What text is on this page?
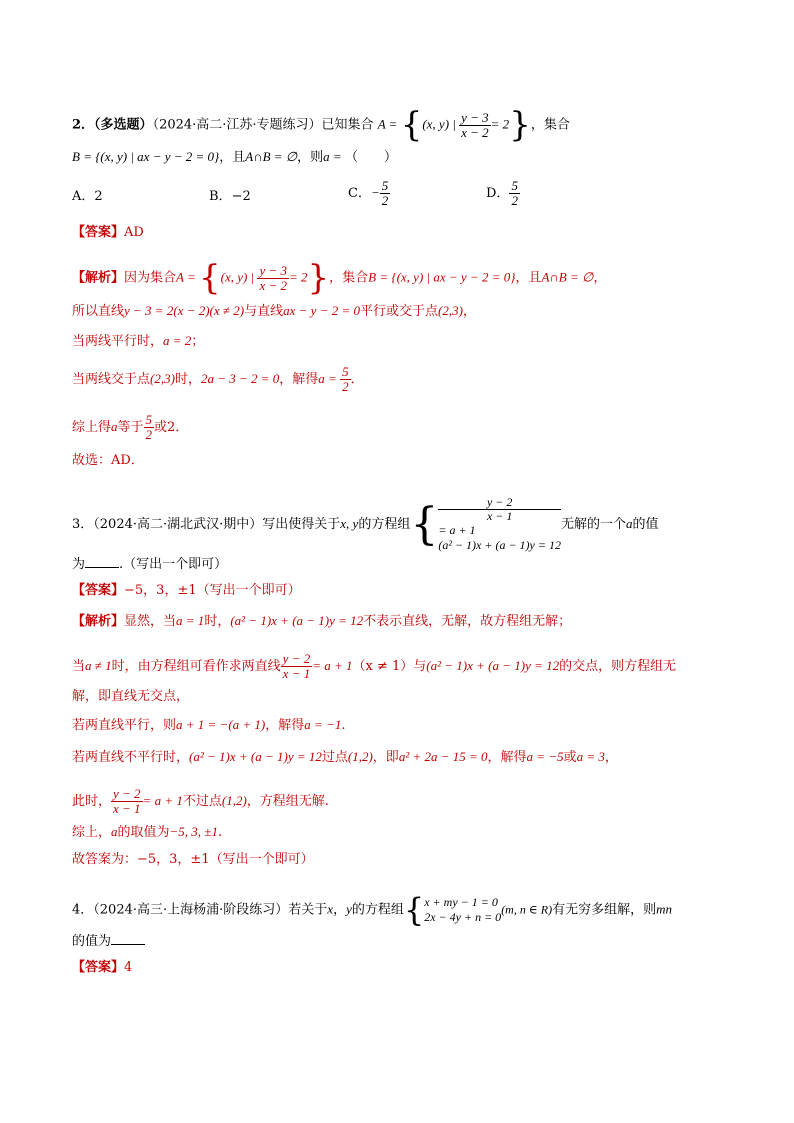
2．（多选题）（2024·高二·江苏·专题练习）已知集合 A = {(x, y) | $\frac{y - 3}{x - 2} = 2$}，集合
B = {(x, y) | ax − y − 2 = 0}，且A∩B = ∅，则a = （　　）
A．2	B．−2	C．− $\frac{5}{2}$	D． $\frac{5}{2}$
【答案】AD
【解析】因为集合A = {(x, y) | $\frac{y - 3}{x - 2} = 2$}，集合B = {(x, y) | ax − y − 2 = 0}，且A∩B = ∅，
所以直线y − 3 = 2(x − 2)(x ≠ 2)与直线ax − y − 2 = 0平行或交于点(2,3)，
当两线平行时，a = 2；
当两线交于点(2,3)时，2a − 3 − 2 = 0，解得$a = \frac{5}{2}$ ．
综上得a等于 $\frac{5}{2}$ 或2．
故选：AD．
3．（2024·高二·湖北武汉·期中）写出使得关于x, y的方程组{	y − 2
x − 1
= a + 1
(a² − 1)x + (a − 1)y = 12
无解的一个a的值
为	.（写出一个即可）
【答案】−5，3，±1（写出一个即可）
【解析】显然，当a = 1时，(a² − 1)x + (a − 1)y = 12不表示直线，无解，故方程组无解；
当a ≠ 1时，由方程组可看作求两直线 $\frac{y - 2}{x - 1} = a + 1(x \ne 1)$与(a² − 1)x + (a − 1)y = 12的交点，则方程组无
解，即直线无交点，
若两直线平行，则a + 1 = −(a + 1)，解得a = −1.
若两直线不平行时，(a² − 1)x + (a − 1)y = 12过点(1,2)，即a² + 2a − 15 = 0，解得a = −5或a = 3，
此时， $\frac{y - 2}{x - 1} = a + 1$不过点(1,2)，方程组无解.
综上，a的取值为−5, 3, ±1.
故答案为：−5，3，±1（写出一个即可）
4．（2024·高三·上海杨浦·阶段练习）若关于x，y的方程组{ x + my − 1 = 0
2x − 4y + n = 0
(m, n ∈ R)有无穷多组解，则mn
的值为
【答案】4
